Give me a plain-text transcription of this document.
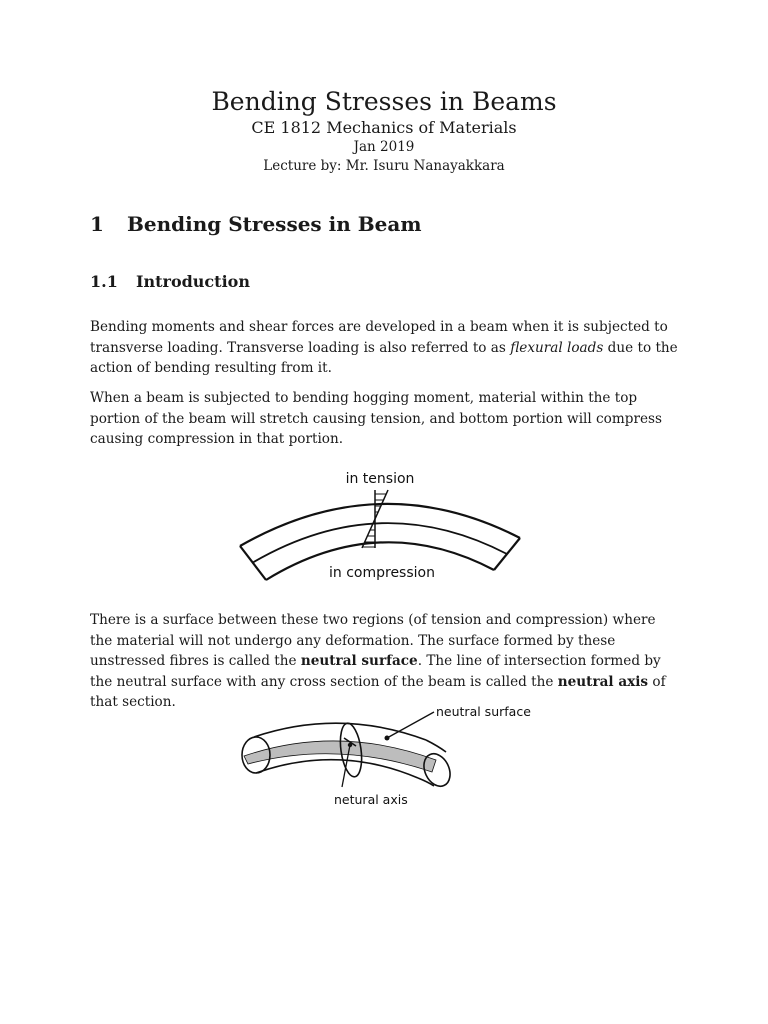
Bending Stresses in Beams
CE 1812 Mechanics of Materials
Jan 2019
Lecture by: Mr. Isuru Nanayakkara
1 Bending Stresses in Beam
1.1 Introduction

Bending moments and shear forces are developed in a beam when it is subjected to transverse loading. Transverse loading is also referred to as flexural loads due to the action of bending resulting from it.

When a beam is subjected to bending hogging moment, material within the top portion of the beam will stretch causing tension, and bottom portion will compress causing compression in that portion.

in tension
in compression

There is a surface between these two regions (of tension and compression) where the material will not undergo any deformation. The surface formed by these unstressed fibres is called the neutral surface. The line of intersection formed by the neutral surface with any cross section of the beam is called the neutral axis of that section.

neutral surface
netural axis
